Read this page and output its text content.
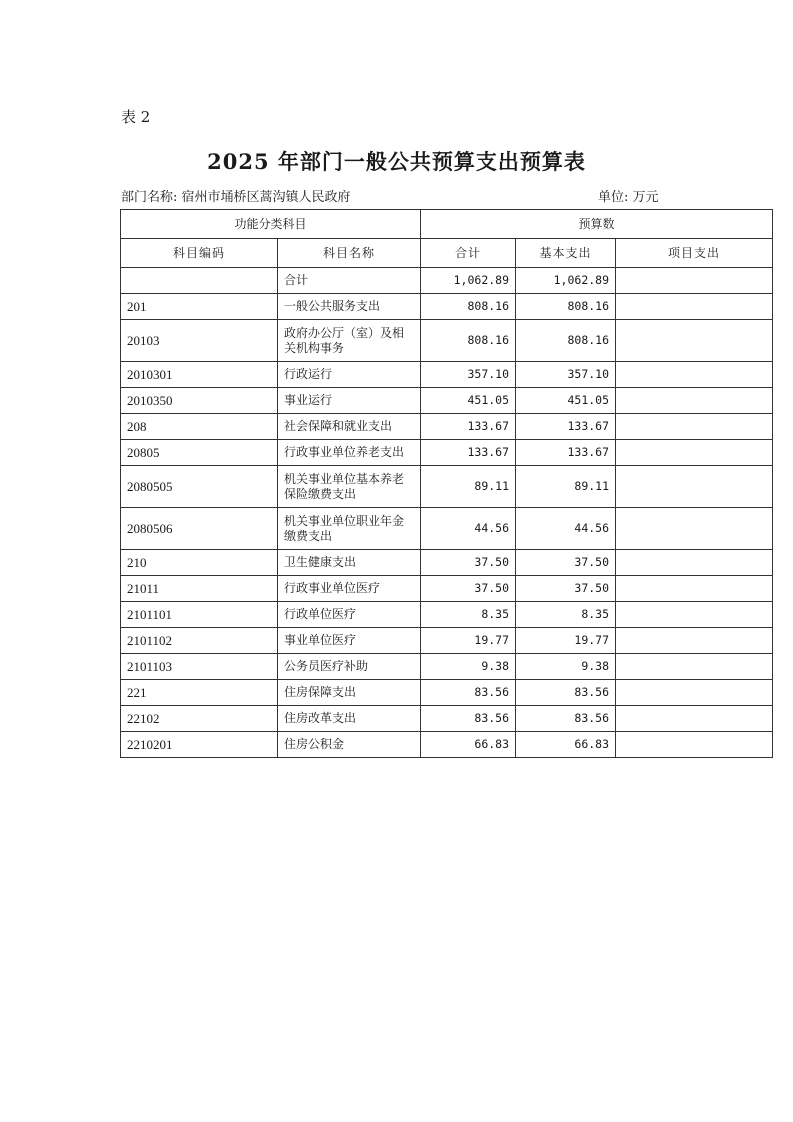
表 2
2025 年部门一般公共预算支出预算表
部门名称: 宿州市埇桥区蒿沟镇人民政府	单位: 万元
功能分类科目		预算数		
科目编码	科目名称	合计	基本支出	项目支出
	合计	1,062.89	1,062.89	
201	一般公共服务支出	808.16	808.16	
20103	政府办公厅（室）及相关机构事务	808.16	808.16	
2010301	行政运行	357.10	357.10	
2010350	事业运行	451.05	451.05	
208	社会保障和就业支出	133.67	133.67	
20805	行政事业单位养老支出	133.67	133.67	
2080505	机关事业单位基本养老保险缴费支出	89.11	89.11	
2080506	机关事业单位职业年金缴费支出	44.56	44.56	
210	卫生健康支出	37.50	37.50	
21011	行政事业单位医疗	37.50	37.50	
2101101	行政单位医疗	8.35	8.35	
2101102	事业单位医疗	19.77	19.77	
2101103	公务员医疗补助	9.38	9.38	
221	住房保障支出	83.56	83.56	
22102	住房改革支出	83.56	83.56	
2210201	住房公积金	66.83	66.83	
